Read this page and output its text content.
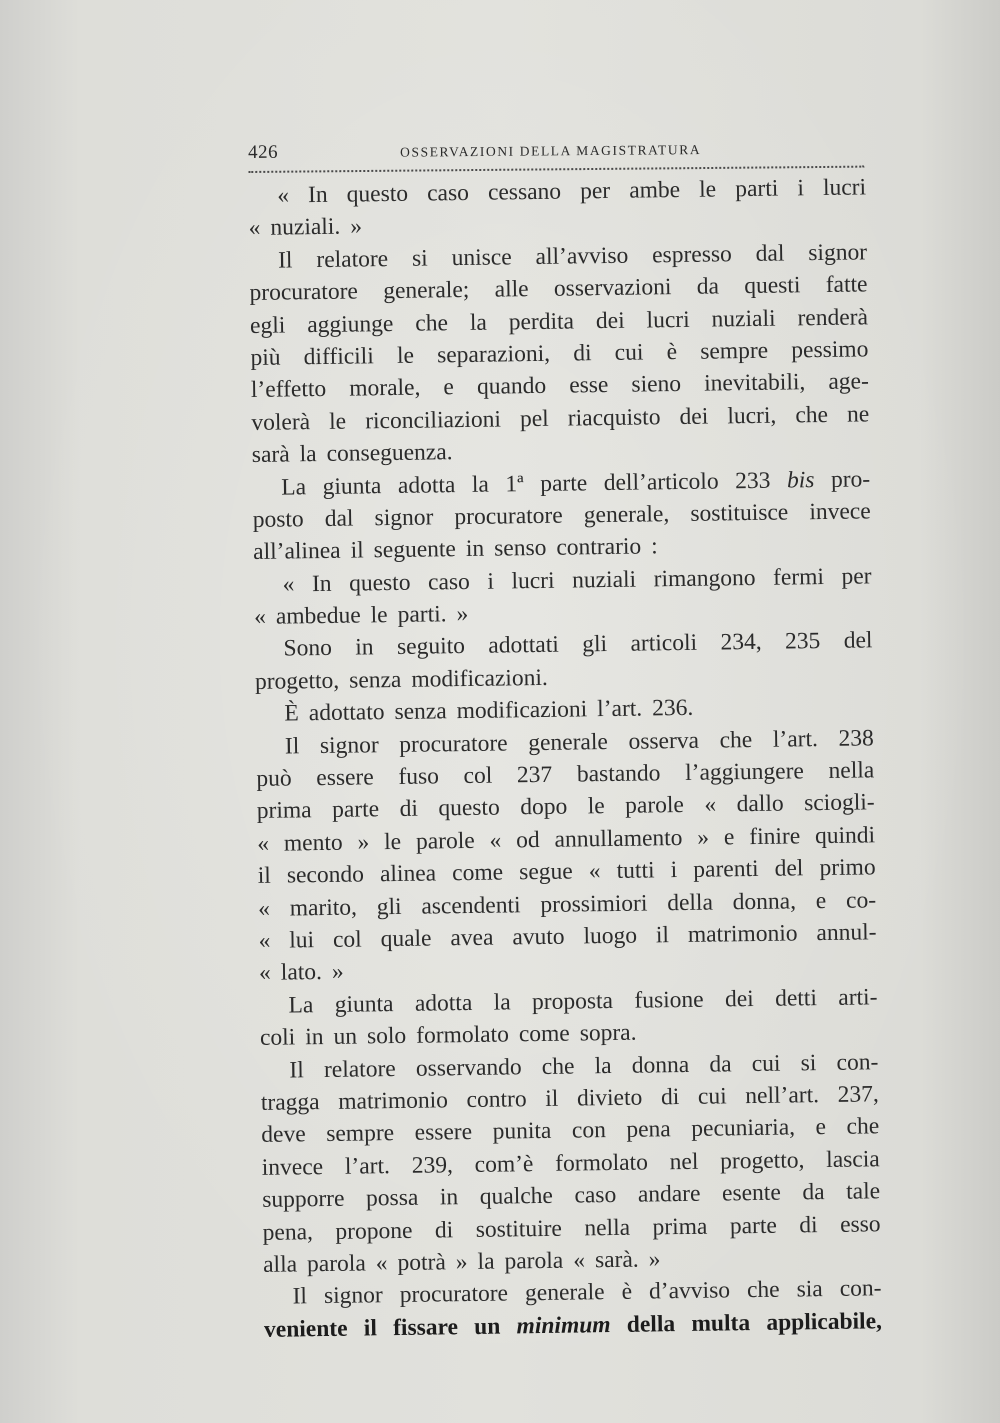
426	OSSERVAZIONI DELLA MAGISTRATURA
« In questo caso cessano per ambe le parti i lucri
« nuziali. »
Il relatore si unisce all’avviso espresso dal signor
procuratore generale; alle osservazioni da questi fatte
egli aggiunge che la perdita dei lucri nuziali renderà
più difficili le separazioni, di cui è sempre pessimo
l’effetto morale, e quando esse sieno inevitabili, age-
volerà le riconciliazioni pel riacquisto dei lucri, che ne
sarà la conseguenza.
La giunta adotta la 1ª parte dell’articolo 233 bis pro-
posto dal signor procuratore generale, sostituisce invece
all’alinea il seguente in senso contrario :
« In questo caso i lucri nuziali rimangono fermi per
« ambedue le parti. »
Sono in seguito adottati gli articoli 234, 235 del
progetto, senza modificazioni.
È adottato senza modificazioni l’art. 236.
Il signor procuratore generale osserva che l’art. 238
può essere fuso col 237 bastando l’aggiungere nella
prima parte di questo dopo le parole « dallo sciogli-
« mento » le parole « od annullamento » e finire quindi
il secondo alinea come segue « tutti i parenti del primo
« marito, gli ascendenti prossimiori della donna, e co-
« lui col quale avea avuto luogo il matrimonio annul-
« lato. »
La giunta adotta la proposta fusione dei detti arti-
coli in un solo formolato come sopra.
Il relatore osservando che la donna da cui si con-
tragga matrimonio contro il divieto di cui nell’art. 237,
deve sempre essere punita con pena pecuniaria, e che
invece l’art. 239, com’è formolato nel progetto, lascia
supporre possa in qualche caso andare esente da tale
pena, propone di sostituire nella prima parte di esso
alla parola « potrà » la parola « sarà. »
Il signor procuratore generale è d’avviso che sia con-
veniente il fissare un minimum della multa applicabile,
